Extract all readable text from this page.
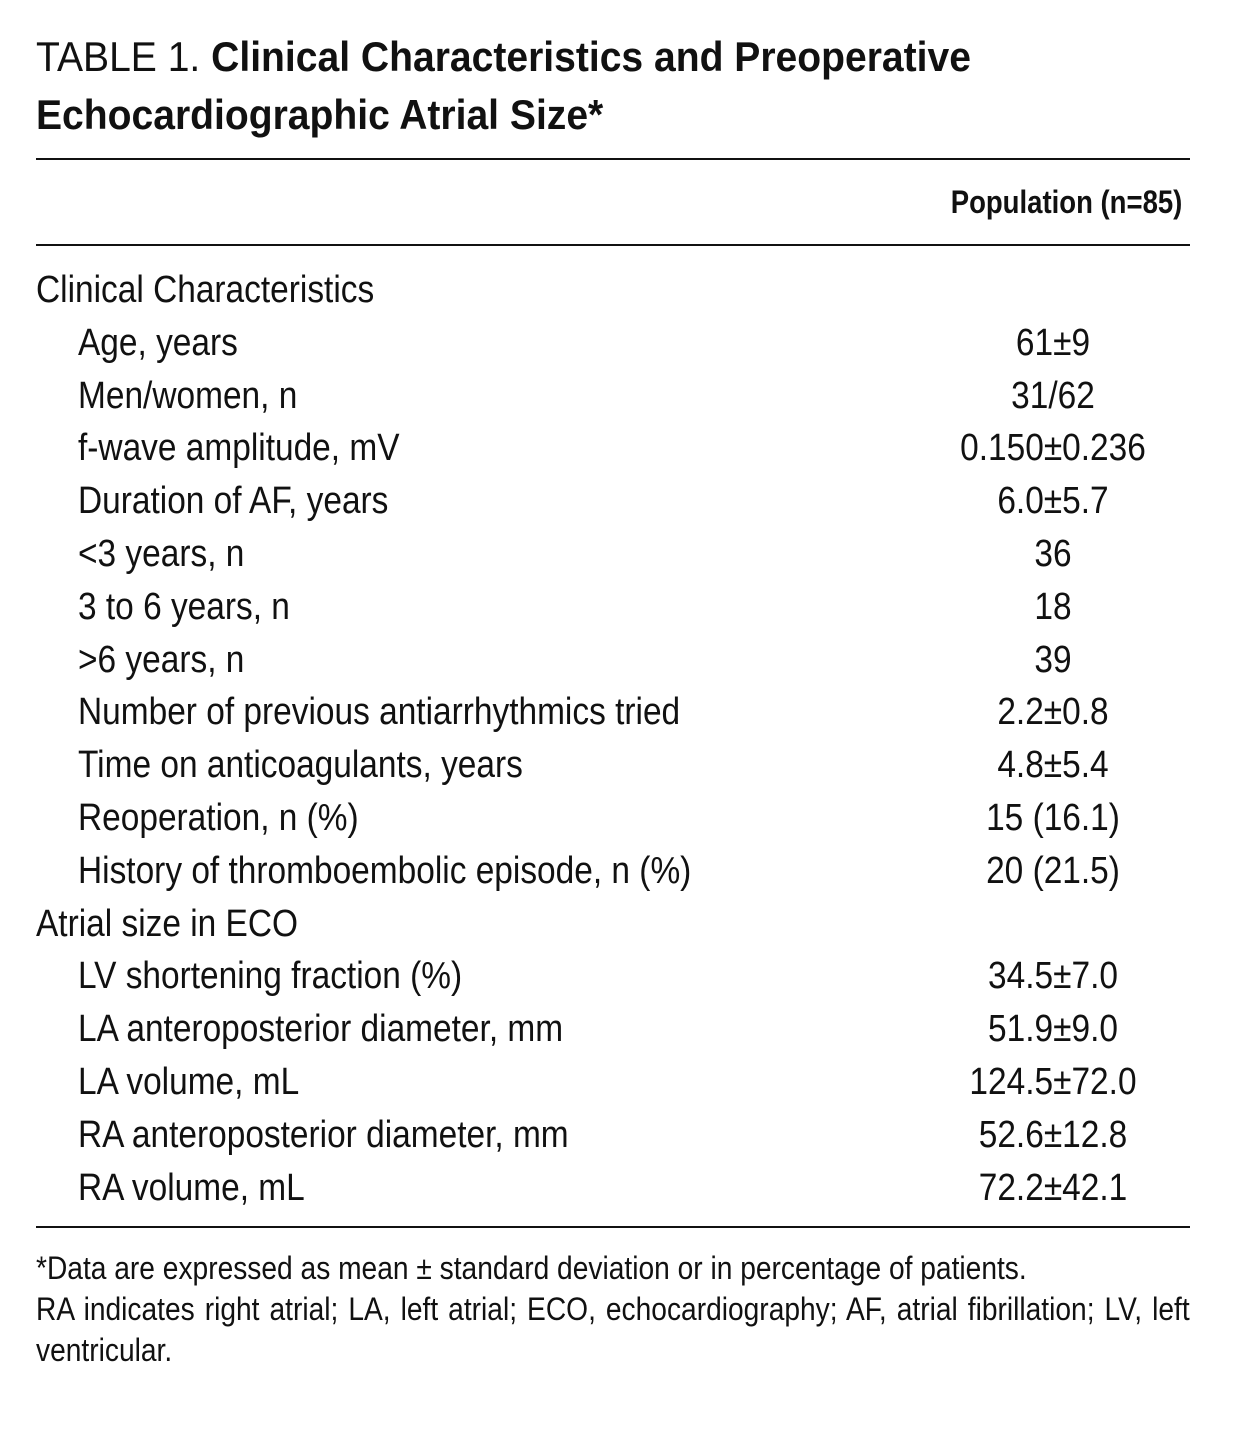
TABLE 1. Clinical Characteristics and Preoperative
Echocardiographic Atrial Size*
Population (n=85)
Clinical Characteristics
Age, years	61±9
Men/women, n	31/62
f-wave amplitude, mV	0.150±0.236
Duration of AF, years	6.0±5.7
<3 years, n	36
3 to 6 years, n	18
>6 years, n	39
Number of previous antiarrhythmics tried	2.2±0.8
Time on anticoagulants, years	4.8±5.4
Reoperation, n (%)	15 (16.1)
History of thromboembolic episode, n (%)	20 (21.5)
Atrial size in ECO
LV shortening fraction (%)	34.5±7.0
LA anteroposterior diameter, mm	51.9±9.0
LA volume, mL	124.5±72.0
RA anteroposterior diameter, mm	52.6±12.8
RA volume, mL	72.2±42.1

*Data are expressed as mean ± standard deviation or in percentage of patients.

RA indicates right atrial; LA, left atrial; ECO, echocardiography; AF, atrial fibrillation; LV, left ventricular.
